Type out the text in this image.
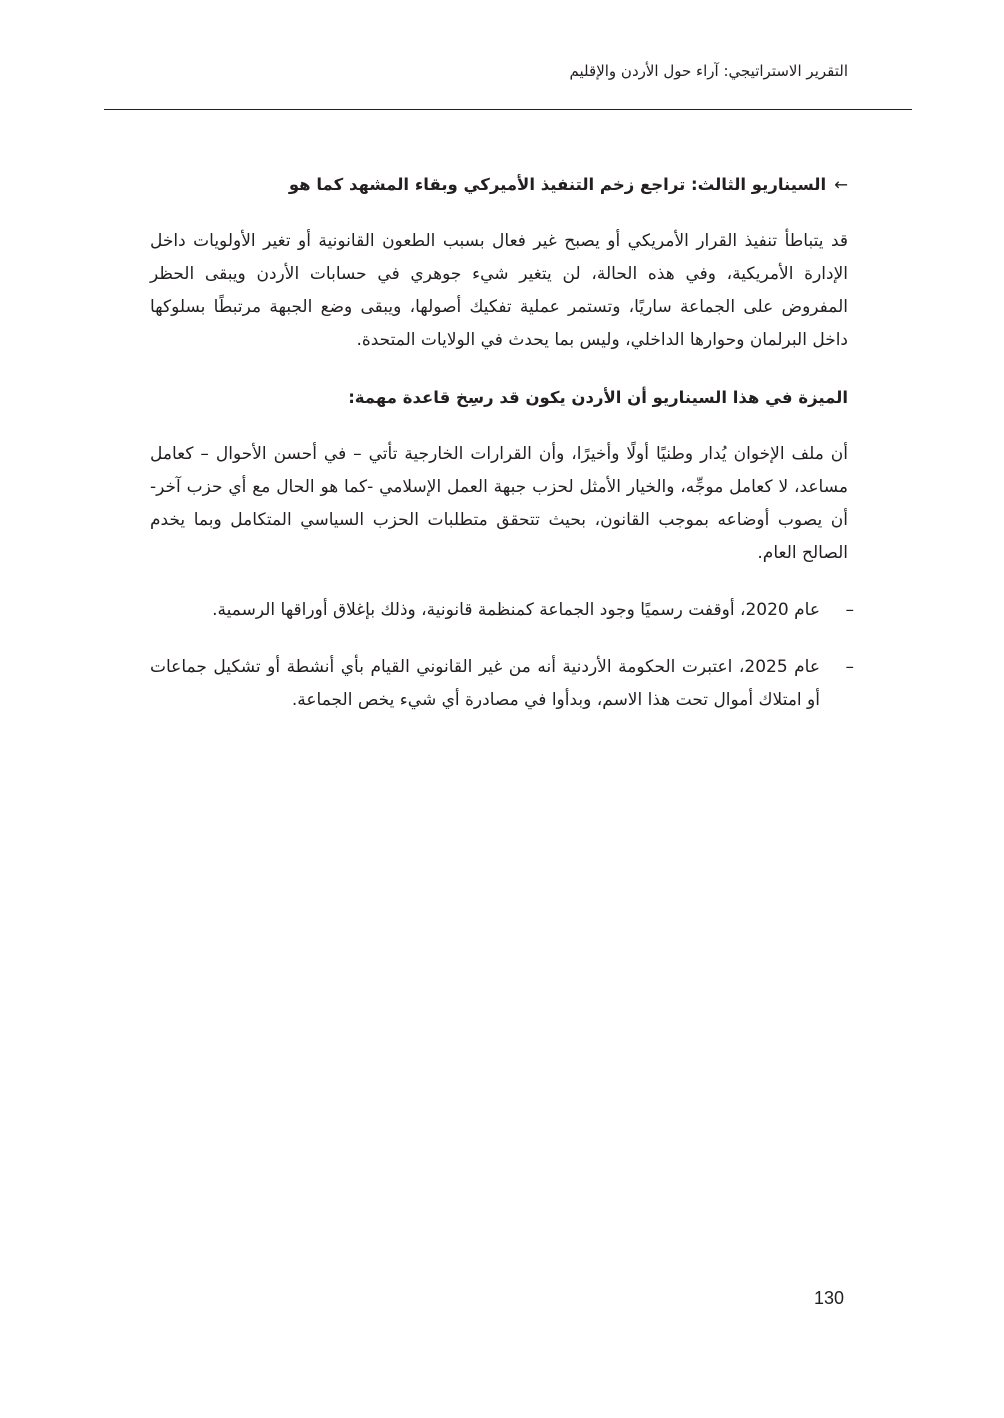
التقرير الاستراتيجي: آراء حول الأردن والإقليم

←السيناريو الثالث: تراجع زخم التنفيذ الأميركي وبقاء المشهد كما هو

قد يتباطأ تنفيذ القرار الأمريكي أو يصبح غير فعال بسبب الطعون القانونية أو تغير الأولويات داخل الإدارة الأمريكية، وفي هذه الحالة، لن يتغير شيء جوهري في حسابات الأردن ويبقى الحظر المفروض على الجماعة ساريًا، وتستمر عملية تفكيك أصولها، ويبقى وضع الجبهة مرتبطًا بسلوكها داخل البرلمان وحوارها الداخلي، وليس بما يحدث في الولايات المتحدة.

الميزة في هذا السيناريو أن الأردن يكون قد رسِخ قاعدة مهمة:

أن ملف الإخوان يُدار وطنيًا أولًا وأخيرًا، وأن القرارات الخارجية تأتي – في أحسن الأحوال – كعامل مساعد، لا كعامل موجِّه، والخيار الأمثل لحزب جبهة العمل الإسلامي -كما هو الحال مع أي حزب آخر- أن يصوب أوضاعه بموجب القانون، بحيث تتحقق متطلبات الحزب السياسي المتكامل وبما يخدم الصالح العام.

–
عام 2020، أوقفت رسميًا وجود الجماعة كمنظمة قانونية، وذلك بإغلاق أوراقها الرسمية.
–
عام 2025، اعتبرت الحكومة الأردنية أنه من غير القانوني القيام بأي أنشطة أو تشكيل جماعات أو امتلاك أموال تحت هذا الاسم، وبدأوا في مصادرة أي شيء يخص الجماعة.
130
